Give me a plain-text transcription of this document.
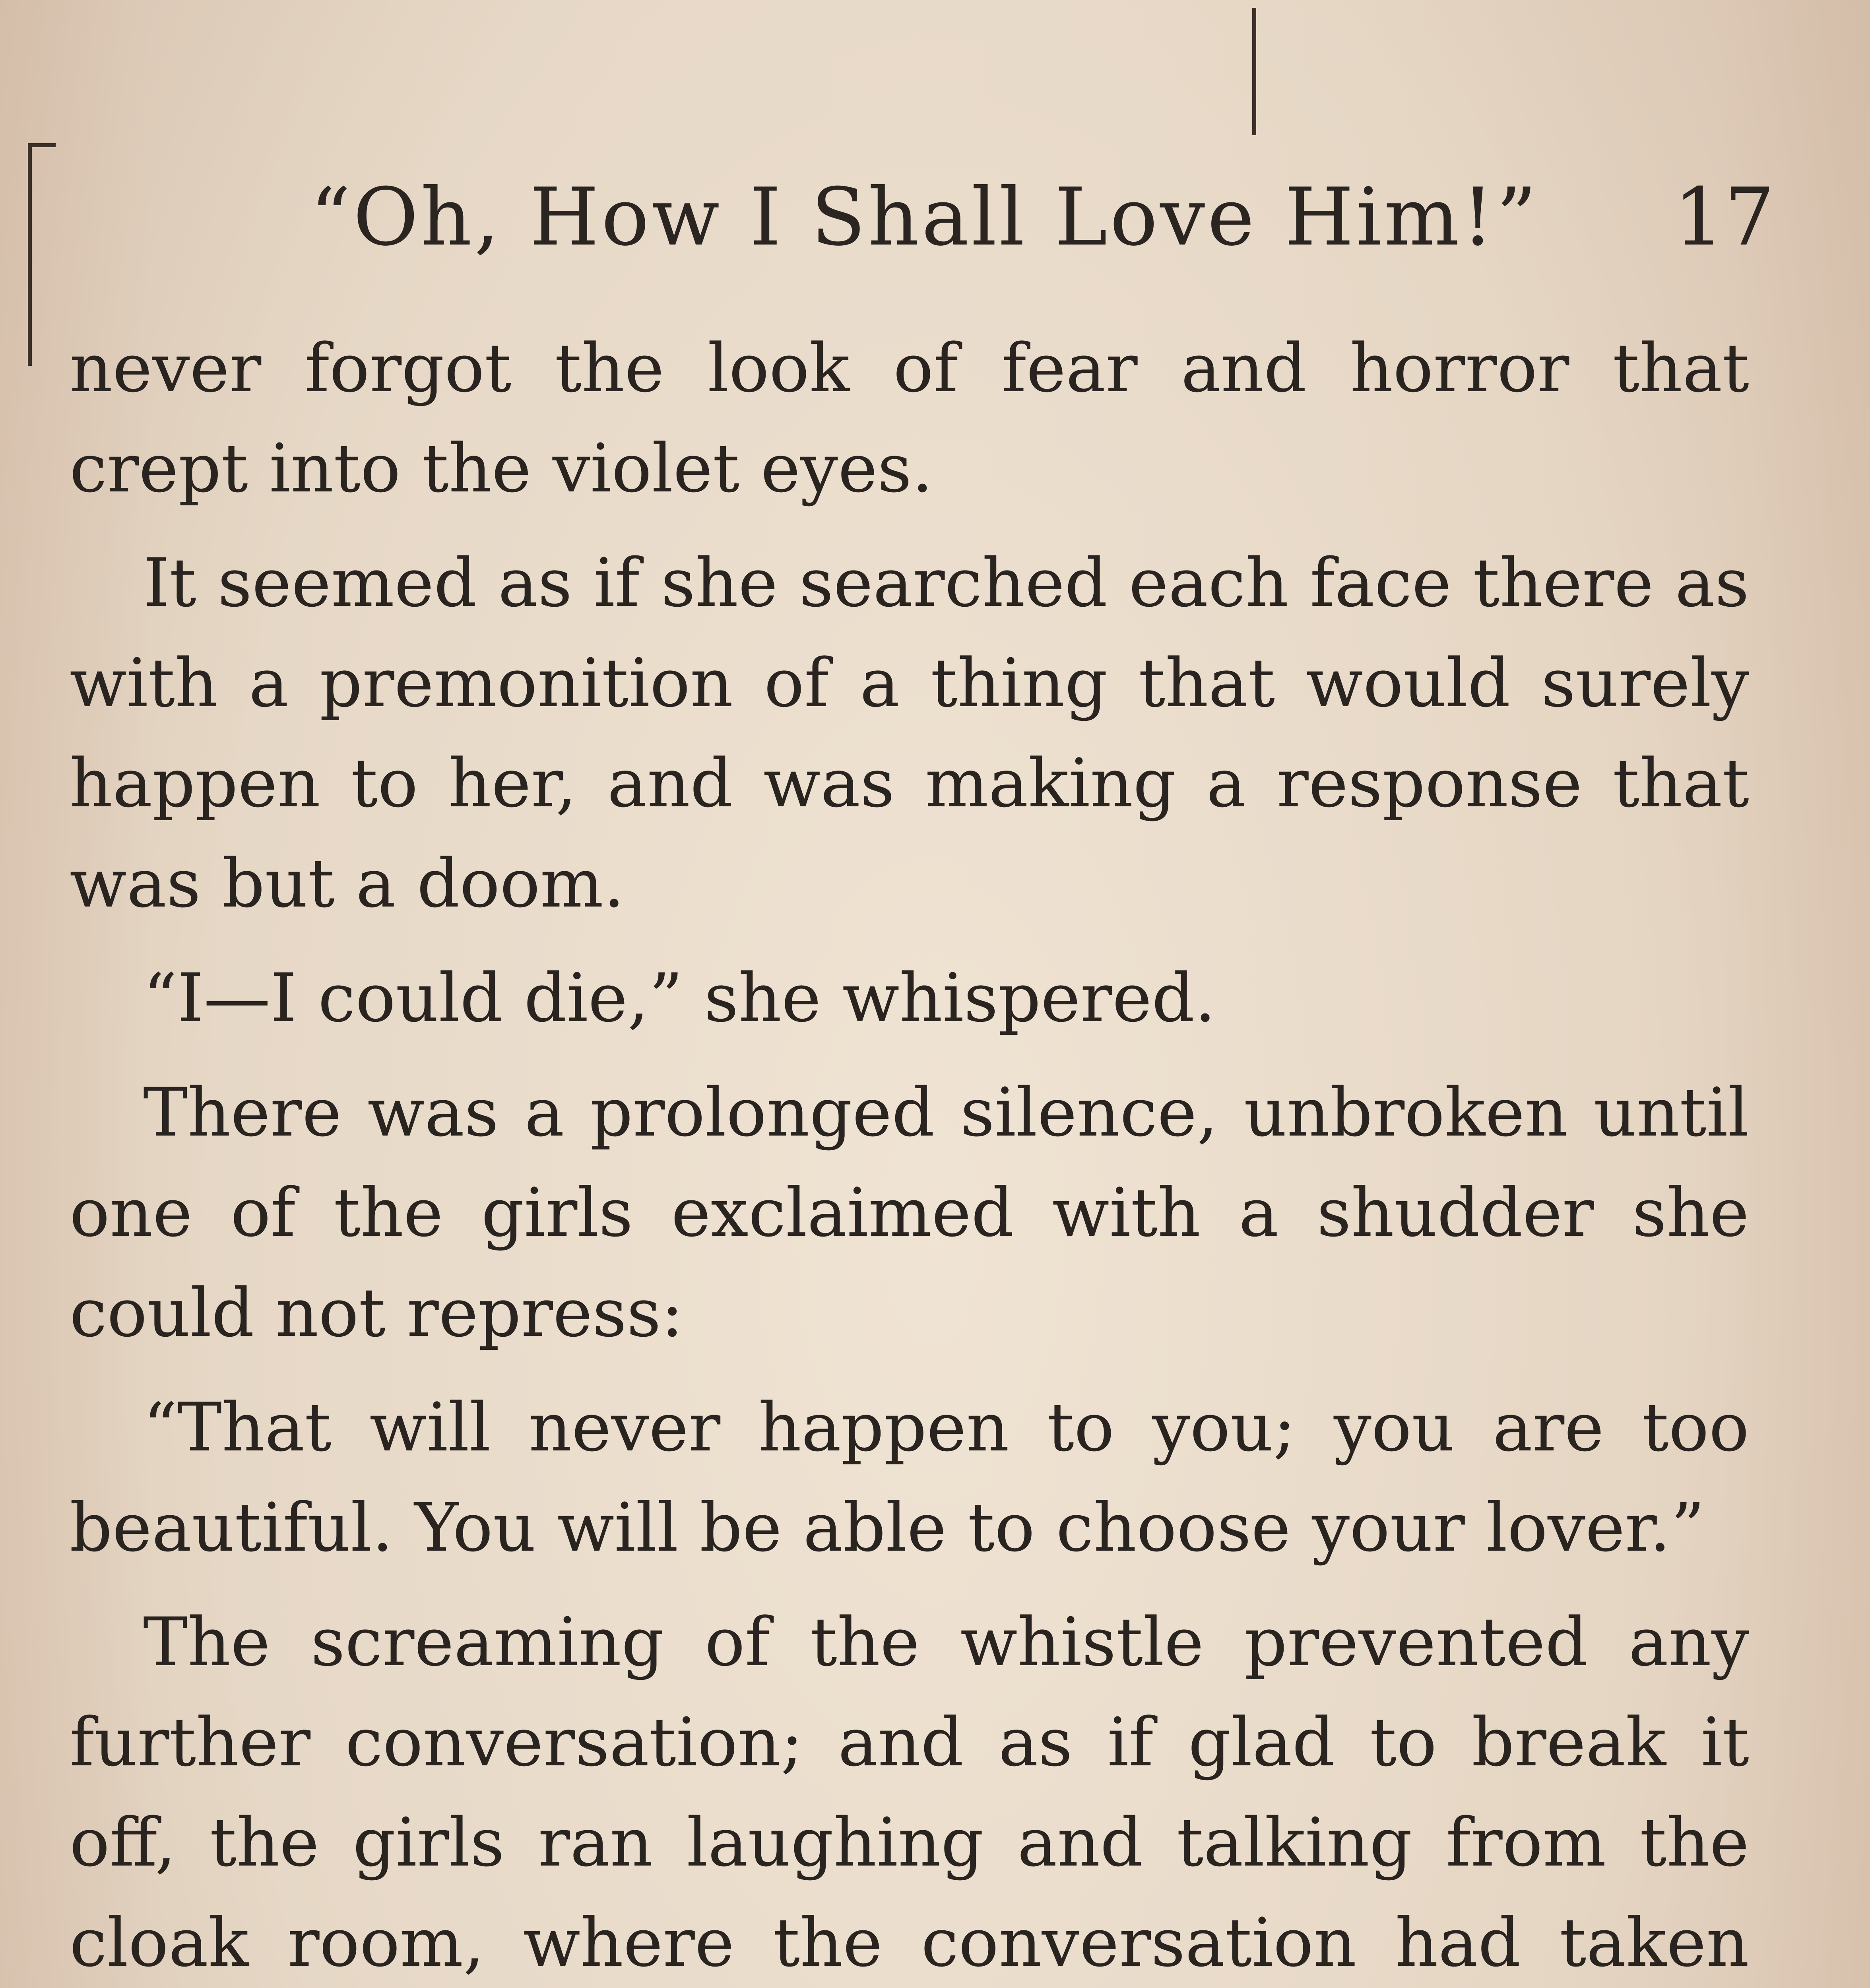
“Oh, How I Shall Love Him!” 17

never forgot the look of fear and horror that crept into the violet eyes.

It seemed as if she searched each face there as with a premonition of a thing that would surely happen to her, and was making a response that was but a doom.

“I—I could die,” she whispered.

There was a prolonged silence, unbroken until one of the girls exclaimed with a shudder she could not repress:

“That will never happen to you; you are too beautiful. You will be able to choose your lover.”

The screaming of the whistle prevented any further conversation; and as if glad to break it off, the girls ran laughing and talking from the cloak room, where the conversation had taken
